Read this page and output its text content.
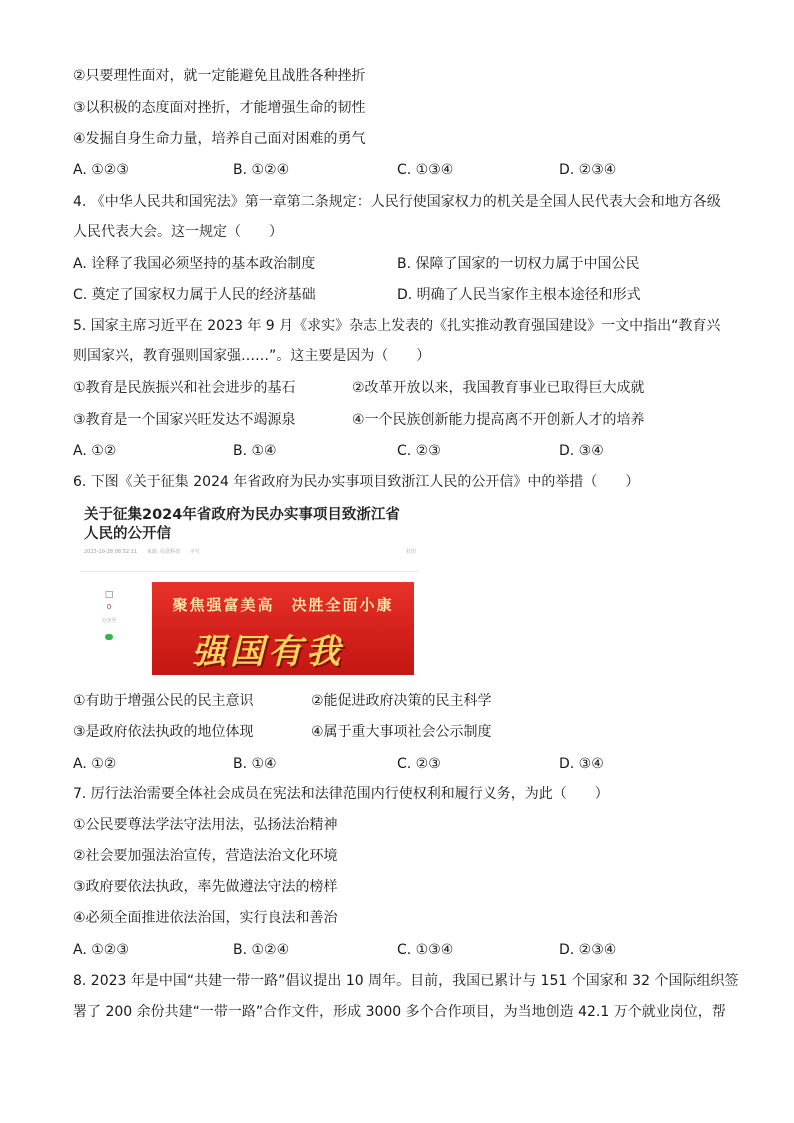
②只要理性面对，就一定能避免且战胜各种挫折
③以积极的态度面对挫折，才能增强生命的韧性
④发掘自身生命力量，培养自己面对困难的勇气
A. ①②③	B. ①②④	C. ①③④	D. ②③④
4. 《中华人民共和国宪法》第一章第二条规定：人民行使国家权力的机关是全国人民代表大会和地方各级
人民代表大会。这一规定（　　）
A. 诠释了我国必须坚持的基本政治制度	B. 保障了国家的一切权力属于中国公民
C. 奠定了国家权力属于人民的经济基础	D. 明确了人民当家作主根本途径和形式
5. 国家主席习近平在 2023 年 9 月《求实》杂志上发表的《扎实推动教育强国建设》一文中指出“教育兴
则国家兴，教育强则国家强……”。这主要是因为（　　）
①教育是民族振兴和社会进步的基石	②改革开放以来，我国教育事业已取得巨大成就
③教育是一个国家兴旺发达不竭源泉	④一个民族创新能力提高离不开创新人才的培养
A. ①②	B. ①④	C. ②③	D. ③④
6. 下图《关于征集 2024 年省政府为民办实事项目致浙江人民的公开信》中的举措（　　）
关于征集2024年省政府为民办实事项目致浙江省人民的公开信
2023-10-28 08:52:11 来源: 信息科技 字号	打印
□
0
分享至
聚焦强富美高　决胜全面小康
强国有我
①有助于增强公民的民主意识	②能促进政府决策的民主科学
③是政府依法执政的地位体现	④属于重大事项社会公示制度
A. ①②	B. ①④	C. ②③	D. ③④
7. 厉行法治需要全体社会成员在宪法和法律范围内行使权利和履行义务，为此（　　）
①公民要尊法学法守法用法，弘扬法治精神
②社会要加强法治宣传，营造法治文化环境
③政府要依法执政，率先做遵法守法的榜样
④必须全面推进依法治国，实行良法和善治
A. ①②③	B. ①②④	C. ①③④	D. ②③④
8. 2023 年是中国“共建一带一路”倡议提出 10 周年。目前，我国已累计与 151 个国家和 32 个国际组织签
署了 200 余份共建“一带一路”合作文件，形成 3000 多个合作项目，为当地创造 42.1 万个就业岗位，帮
